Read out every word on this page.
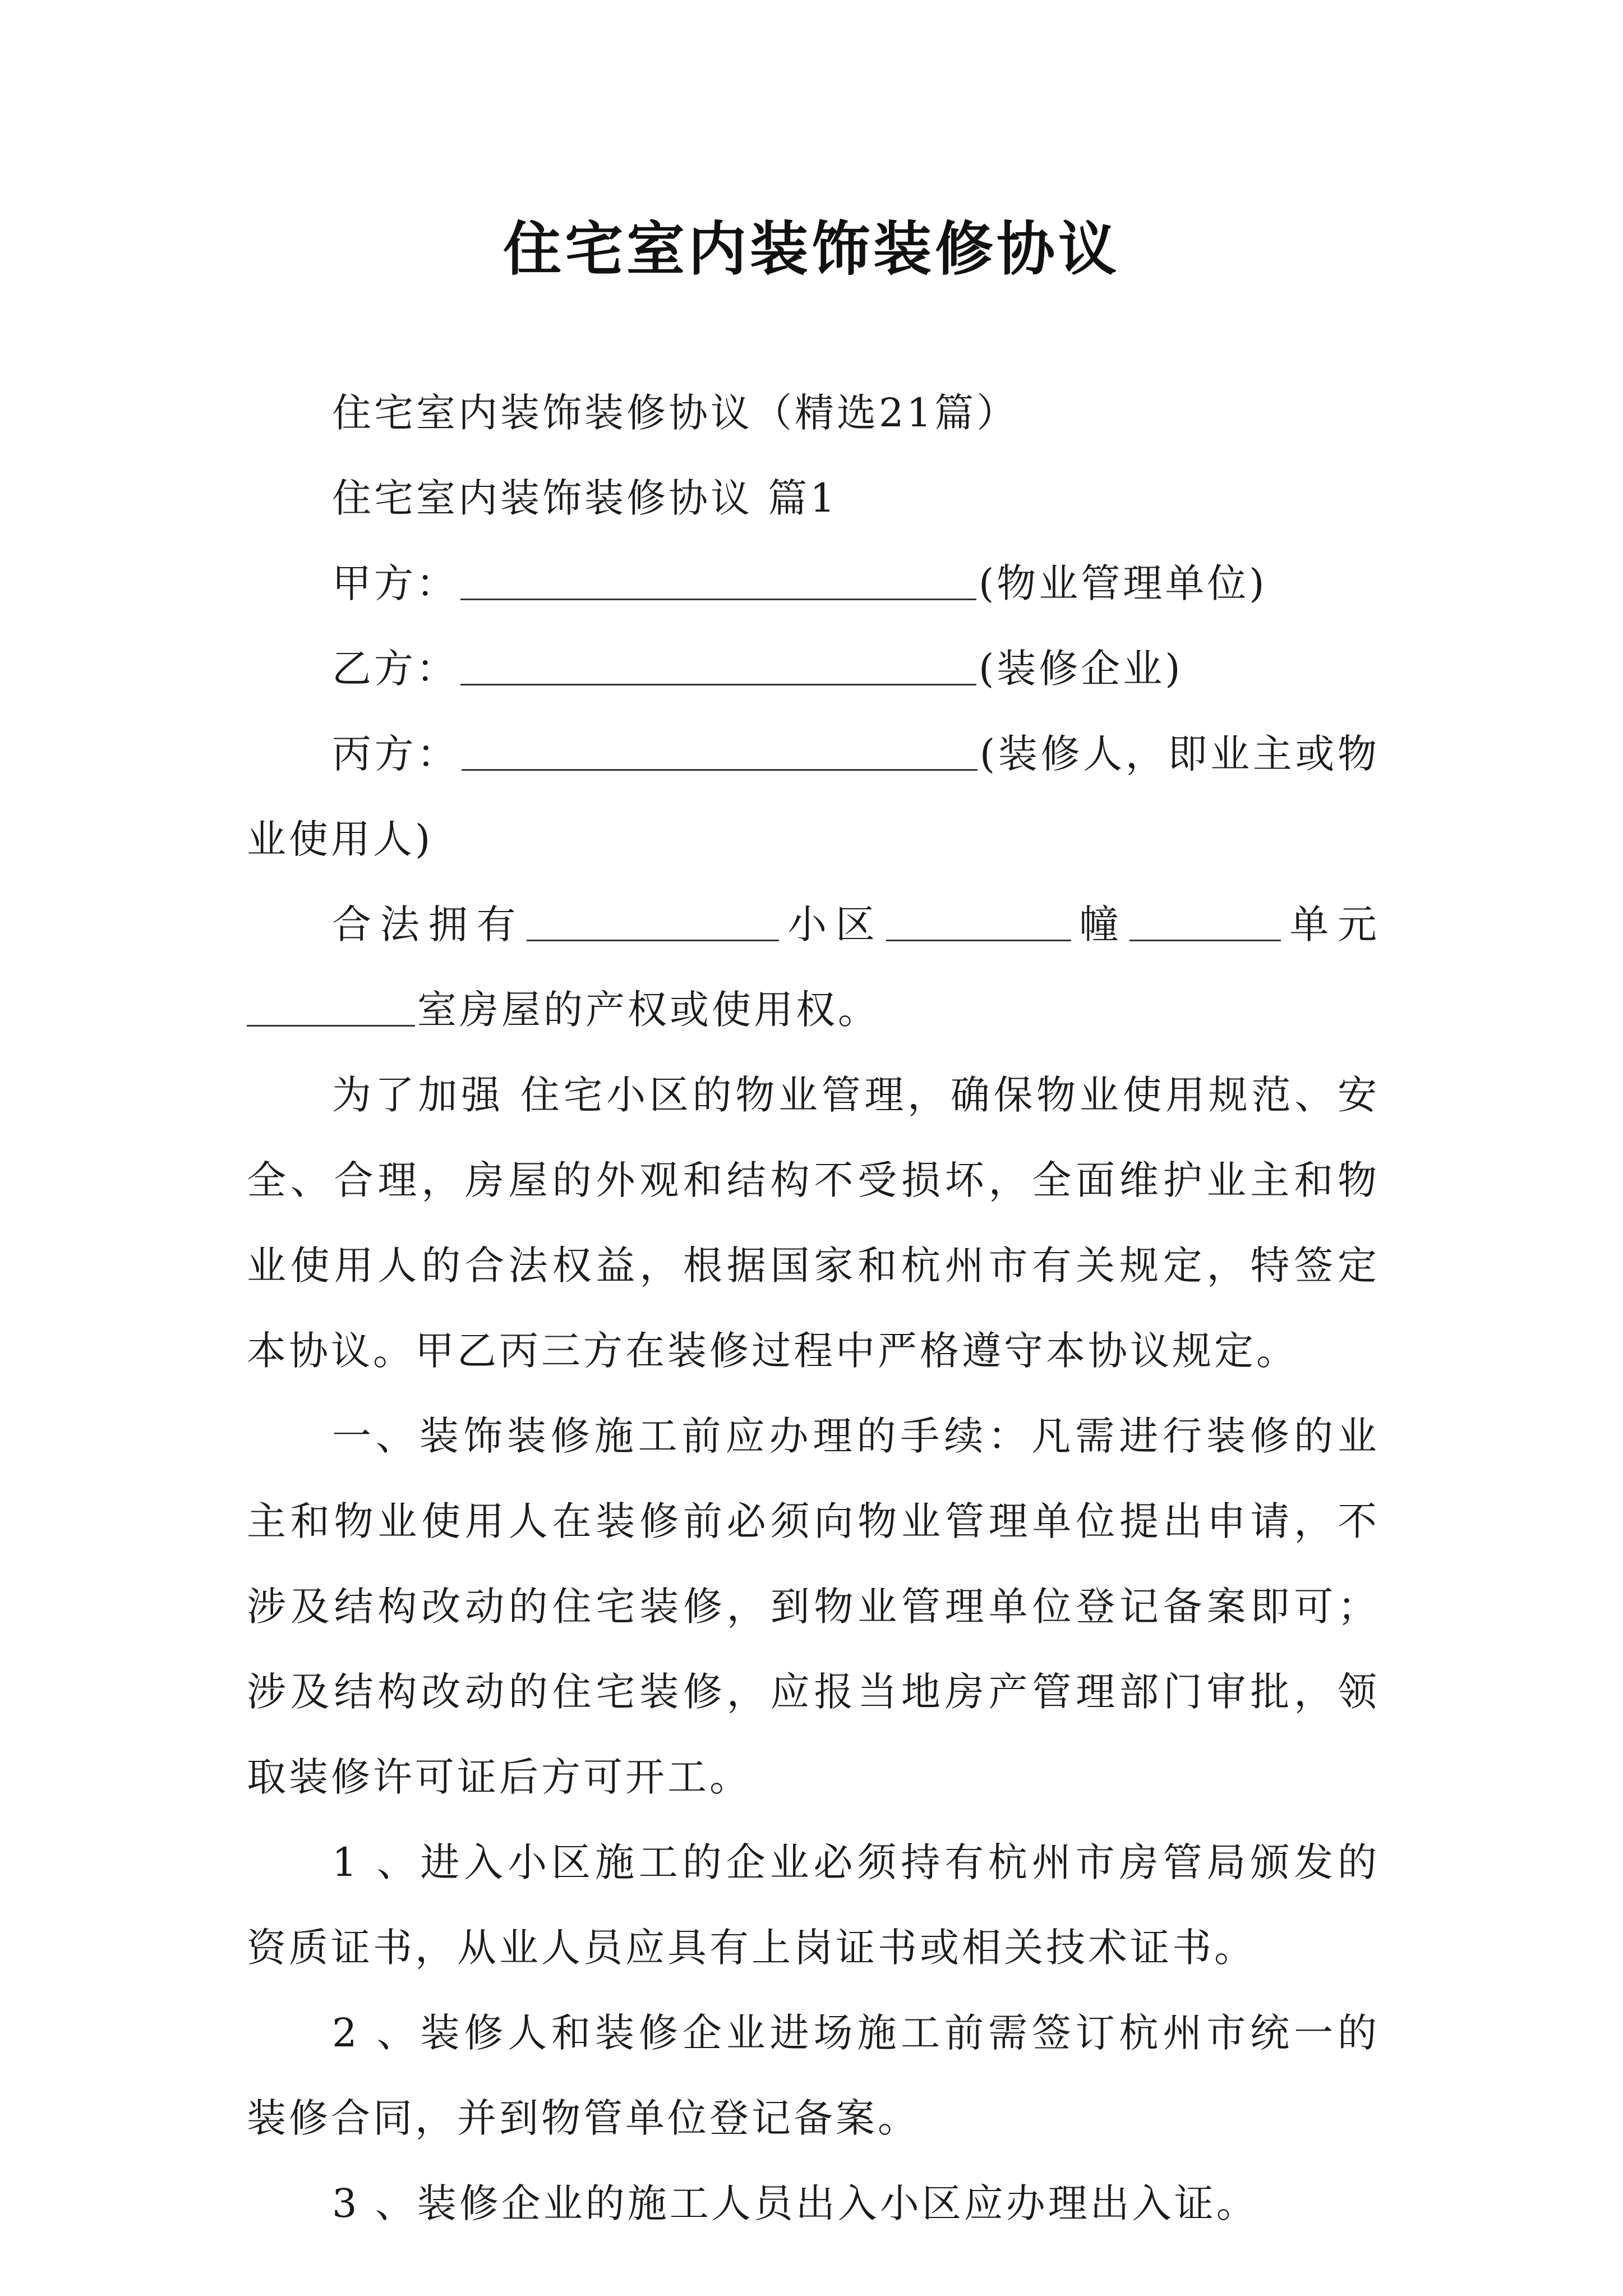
住宅室内装饰装修协议

住宅室内装饰装修协议（精选21篇）

住宅室内装饰装修协议 篇1

甲方：	(物业管理单位)

乙方：	(装修企业)

丙方：	(装修人，即业主或物业使用人)

合法拥有	小区	幢	单元室房屋的产权或使用权。

为了加强 住宅小区的物业管理，确保物业使用规范、安全、合理，房屋的外观和结构不受损坏，全面维护业主和物业使用人的合法权益，根据国家和杭州市有关规定，特签定本协议。甲乙丙三方在装修过程中严格遵守本协议规定。

一、装饰装修施工前应办理的手续：凡需进行装修的业主和物业使用人在装修前必须向物业管理单位提出申请，不涉及结构改动的住宅装修，到物业管理单位登记备案即可；涉及结构改动的住宅装修，应报当地房产管理部门审批，领取装修许可证后方可开工。

1 、进入小区施工的企业必须持有杭州市房管局颁发的资质证书，从业人员应具有上岗证书或相关技术证书。

2 、装修人和装修企业进场施工前需签订杭州市统一的装修合同，并到物管单位登记备案。

3 、装修企业的施工人员出入小区应办理出入证。
